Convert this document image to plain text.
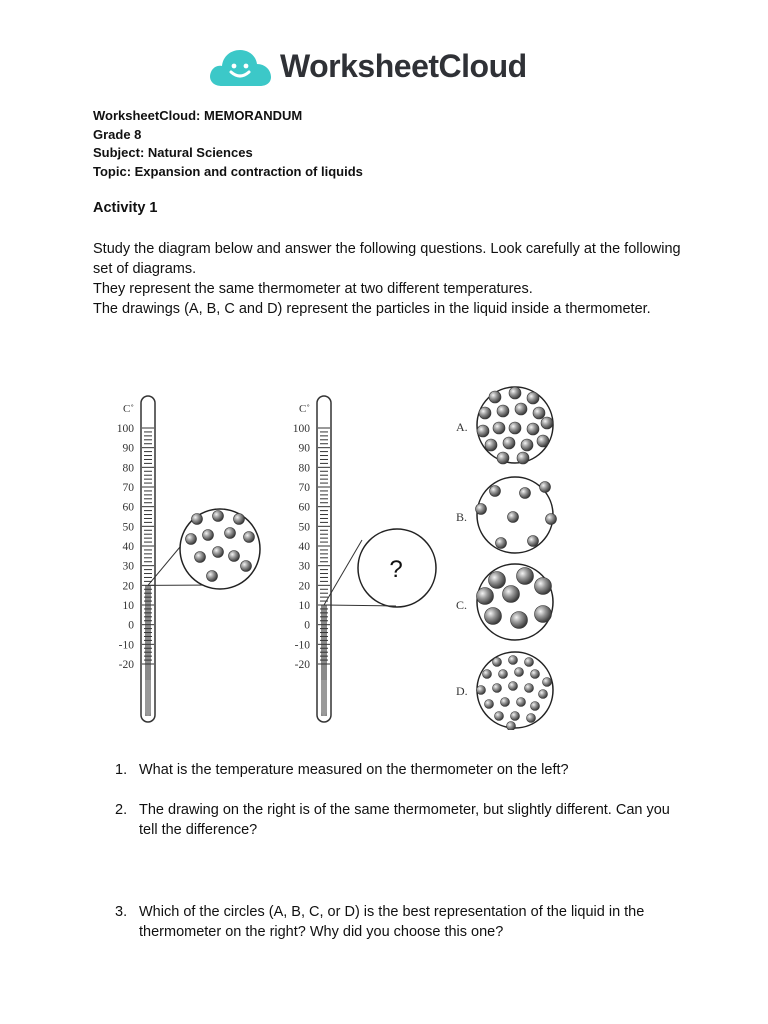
WorksheetCloud
WorksheetCloud: MEMORANDUM
Grade 8
Subject: Natural Sciences
Topic: Expansion and contraction of liquids
Activity 1
Study the diagram below and answer the following questions. Look carefully at the following set of diagrams.
They represent the same thermometer at two different temperatures.
The drawings (A, B, C and D) represent the particles in the liquid inside a thermometer.
C˚
100
90
80
70
60
50
40
30
20
10
0
-10
-20
C˚
100
90
80
70
60
50
40
30
20
10
0
-10
-20
?
A.
B.
C.
D.
1. What is the temperature measured on the thermometer on the left?
2. The drawing on the right is of the same thermometer, but slightly different. Can you tell the difference?
3. Which of the circles (A, B, C, or D) is the best representation of the liquid in the thermometer on the right? Why did you choose this one?
